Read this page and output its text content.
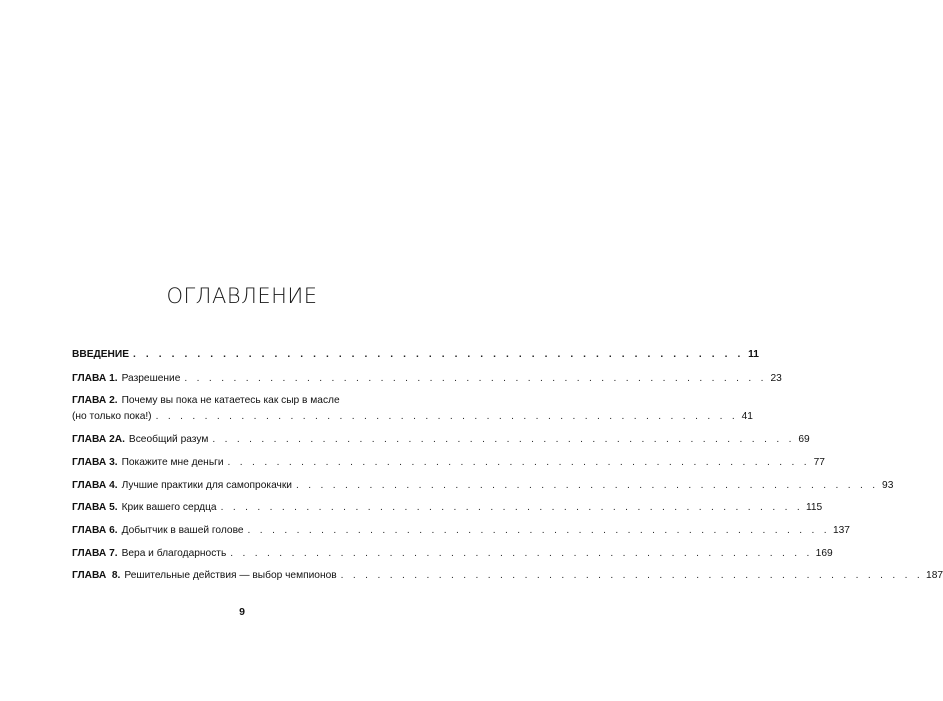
ОГЛАВЛЕНИЕ
ВВЕДЕНИЕ . . . . . . . . . . . . . . . . . . . . . . . . . . . . . . . . . . . . . . . . . . . . . . . . 11
ГЛАВА 1. Разрешение . . . . . . . . . . . . . . . . . . . . . . . . . . . . . . . . . . . . . . . . . . . . . . . . 23
ГЛАВА 2. Почему вы пока не катаетесь как сыр в масле
(но только пока!) . . . . . . . . . . . . . . . . . . . . . . . . . . . . . . . . . . . . . . . . . . . . . . . . 41
ГЛАВА 2А. Всеобщий разум . . . . . . . . . . . . . . . . . . . . . . . . . . . . . . . . . . . . . . . . . . . . . . . . 69
ГЛАВА 3. Покажите мне деньги . . . . . . . . . . . . . . . . . . . . . . . . . . . . . . . . . . . . . . . . . . . . . . . . 77
ГЛАВА 4. Лучшие практики для самопрокачки . . . . . . . . . . . . . . . . . . . . . . . . . . . . . . . . . . . . . . . . . . . . . . . . 93
ГЛАВА 5. Крик вашего сердца . . . . . . . . . . . . . . . . . . . . . . . . . . . . . . . . . . . . . . . . . . . . . . . . 115
ГЛАВА 6. Добытчик в вашей голове . . . . . . . . . . . . . . . . . . . . . . . . . . . . . . . . . . . . . . . . . . . . . . . . 137
ГЛАВА 7. Вера и благодарность . . . . . . . . . . . . . . . . . . . . . . . . . . . . . . . . . . . . . . . . . . . . . . . . 169
ГЛАВА  8. Решительные действия — выбор чемпионов . . . . . . . . . . . . . . . . . . . . . . . . . . . . . . . . . . . . . . . . . . . . . . . . 187
9
